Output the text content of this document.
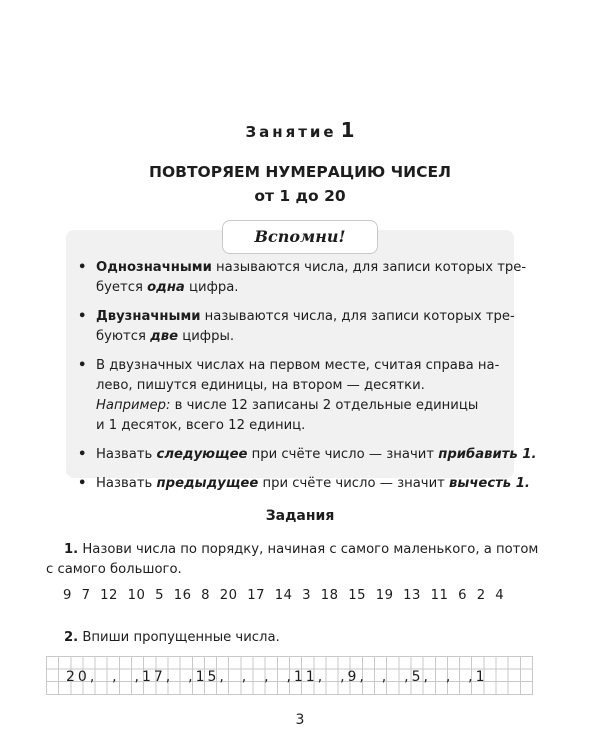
Занятие 1
ПОВТОРЯЕМ НУМЕРАЦИЮ ЧИСЕЛ
от 1 до 20
Вспомни!
• Однозначными называются числа, для записи которых тре-
буется одна цифра.
• Двузначными называются числа, для записи которых тре-
буются две цифры.
• В двузначных числах на первом месте, считая справа на-
лево, пишутся единицы, на втором — десятки.
Например: в числе 12 записаны 2 отдельные единицы
и 1 десяток, всего 12 единиц.
• Назвать следующее при счёте число — значит прибавить 1.
• Назвать предыдущее при счёте число — значит вычесть 1.
Задания
1. Назови числа по порядку, начиная с самого маленького, а потом
с самого большого.
9 7 12 10 5 16 8 20 17 14 3 18 15 19 13 11 6 2 4
2. Впиши пропущенные числа.
20,  ,  ,17,  ,15,  ,  ,  ,11,  ,9,  ,  ,5,  ,  ,1
3
